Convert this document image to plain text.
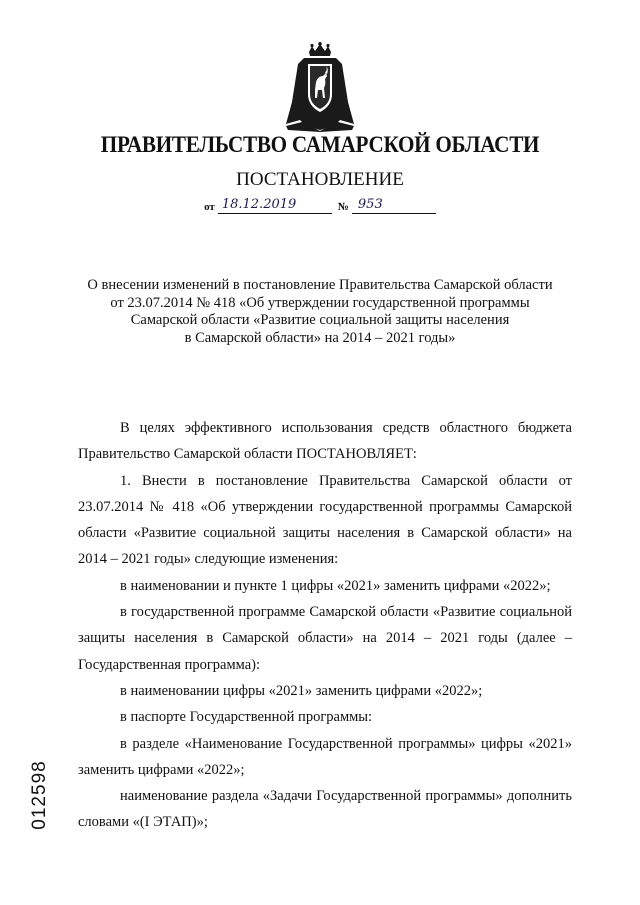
ПРАВИТЕЛЬСТВО САМАРСКОЙ ОБЛАСТИ
ПОСТАНОВЛЕНИЕ
от 18.12.2019	№ 953
О внесении изменений в постановление Правительства Самарской области
от 23.07.2014 № 418 «Об утверждении государственной программы
Самарской области «Развитие социальной защиты населения
в Самарской области» на 2014 – 2021 годы»

В целях эффективного использования средств областного бюджета Правительство Самарской области ПОСТАНОВЛЯЕТ:

1. Внести в постановление Правительства Самарской области от 23.07.2014 № 418 «Об утверждении государственной программы Самарской области «Развитие социальной защиты населения в Самарской области» на 2014 – 2021 годы» следующие изменения:

в наименовании и пункте 1 цифры «2021» заменить цифрами «2022»;

в государственной программе Самарской области «Развитие социальной защиты населения в Самарской области» на 2014 – 2021 годы (далее – Государственная программа):

в наименовании цифры «2021» заменить цифрами «2022»;

в паспорте Государственной программы:

в разделе «Наименование Государственной программы» цифры «2021» заменить цифрами «2022»;

наименование раздела «Задачи Государственной программы» дополнить словами «(I ЭТАП)»;

012598
